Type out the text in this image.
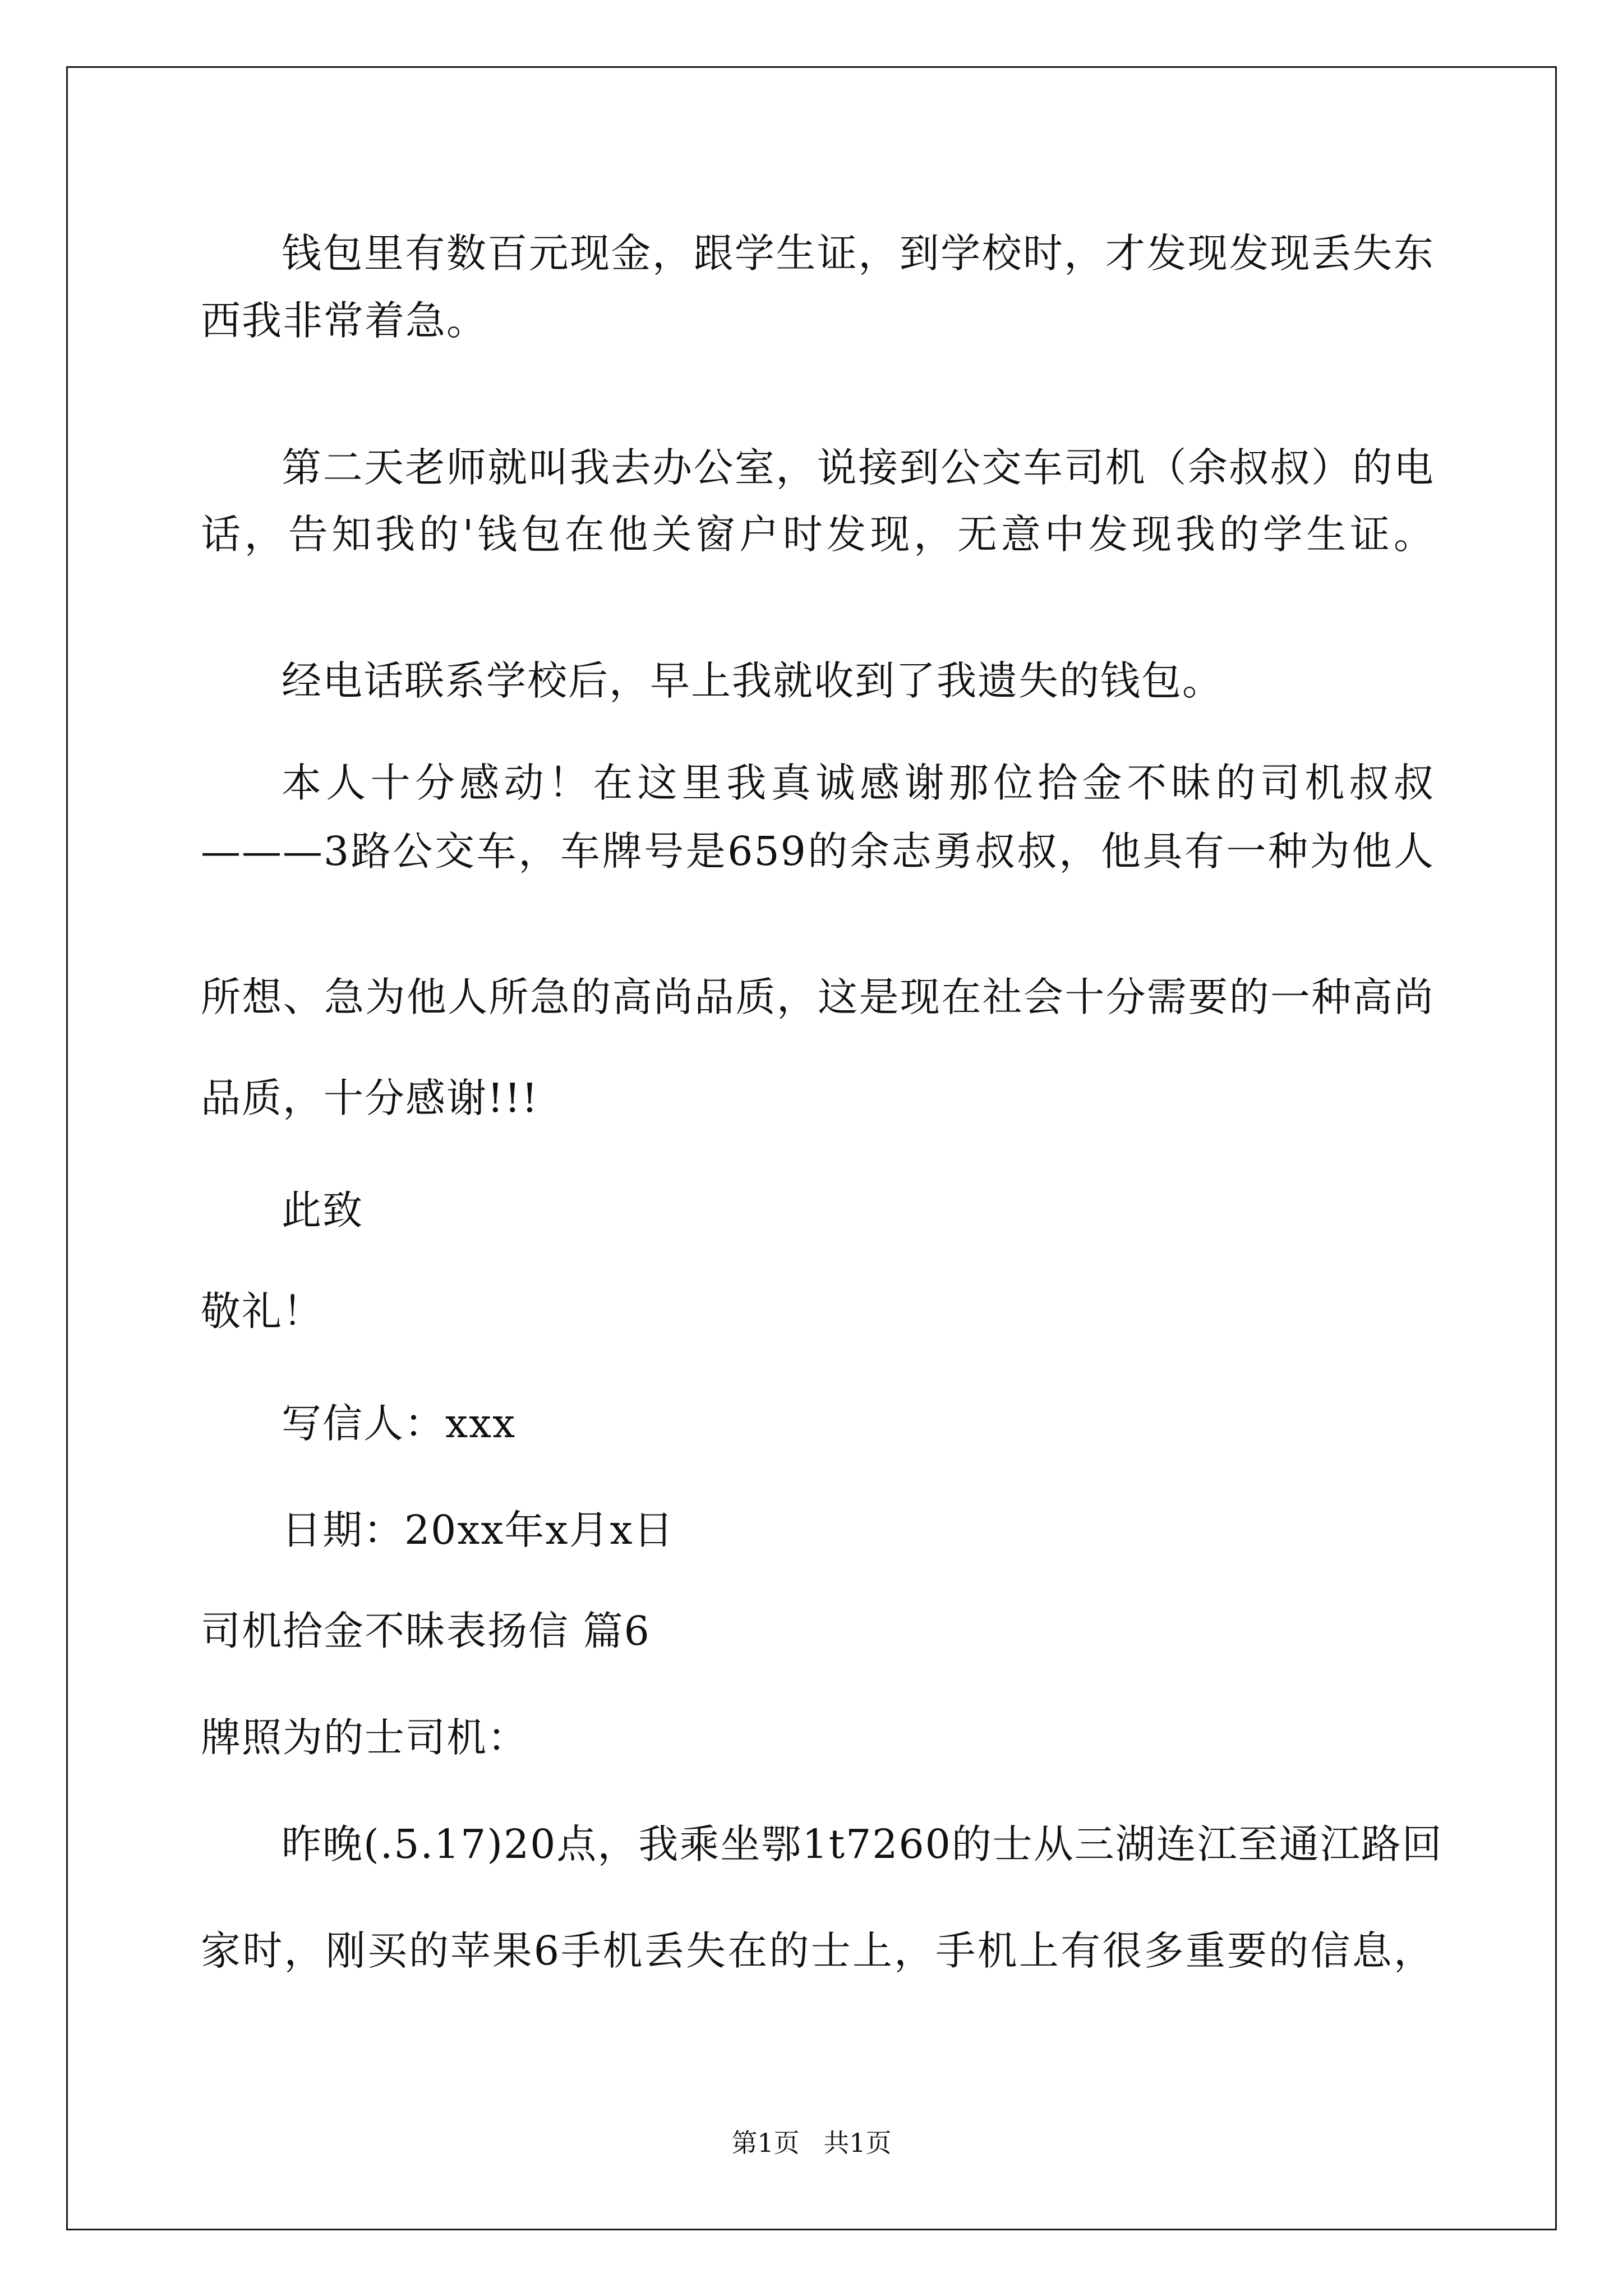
钱包里有数百元现金，跟学生证，到学校时，才发现发现丢失东
西我非常着急。
第二天老师就叫我去办公室，说接到公交车司机（余叔叔）的电
话，告知我的'钱包在他关窗户时发现，无意中发现我的学生证。
经电话联系学校后，早上我就收到了我遗失的钱包。
本人十分感动！在这里我真诚感谢那位拾金不昧的司机叔叔
———3路公交车，车牌号是659的余志勇叔叔，他具有一种为他人
所想、急为他人所急的高尚品质，这是现在社会十分需要的一种高尚
品质，十分感谢!!!
此致
敬礼！
写信人：xxx
日期：20xx年x月x日
司机拾金不昧表扬信 篇6
牌照为的士司机：
昨晚(.5.17)20点，我乘坐鄂1t7260的士从三湖连江至通江路回
家时，刚买的苹果6手机丢失在的士上，手机上有很多重要的信息，
第1页 共1页
